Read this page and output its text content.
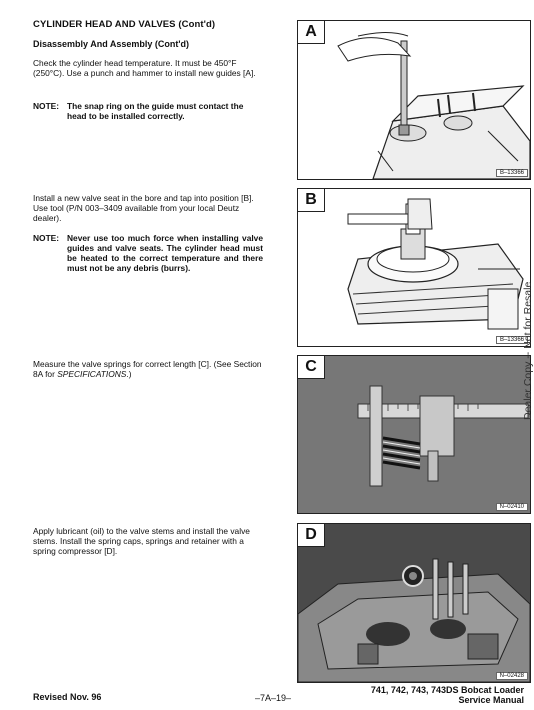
CYLINDER HEAD AND VALVES (Cont'd)
Disassembly And Assembly (Cont'd)
Check the cylinder head temperature. It must be 450°F (250°C). Use a punch and hammer to install new guides [A].
NOTE: The snap ring on the guide must contact the head to be installed correctly.
Install a new valve seat in the bore and tap into position [B]. Use tool (P/N 003–3409 available from your local Deutz dealer).
NOTE: Never use too much force when installing valve guides and valve seats. The cylinder head must be heated to the correct temperature and there must not be any debris (burrs).
Measure the valve springs for correct length [C]. (See Section 8A for SPECIFICATIONS.)
Apply lubricant (oil) to the valve stems and install the valve stems. Install the spring caps, springs and retainer with a spring compressor [D].
A
B–13366
B
B–13366
C
N–02410
D
N–02428
Dealer Copy -- Not for Resale
Revised Nov. 96	–7A–19–
741, 742, 743, 743DS Bobcat Loader
Service Manual
